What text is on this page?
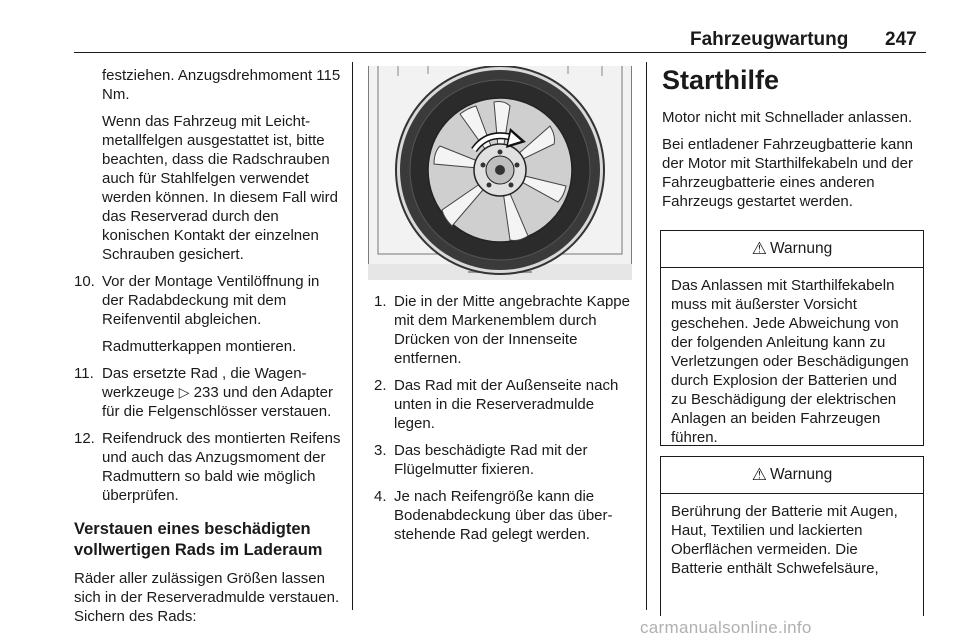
Fahrzeugwartung 247

festziehen. Anzugsdrehmoment 115 Nm.

Wenn das Fahrzeug mit Leichtmetallfelgen ausgestattet ist, bitte beachten, dass die Radschrauben auch für Stahlfelgen verwendet werden können. In diesem Fall wird das Reserverad durch den konischen Kontakt der einzelnen Schrauben gesichert.

10. Vor der Montage Ventilöffnung in der Radabdeckung mit dem Reifenventil abgleichen.
Radmutterkappen montieren.
11. Das ersetzte Rad , die Wagenwerkzeuge ▷ 233 und den Adapter für die Felgenschlösser verstauen.
12. Reifendruck des montierten Reifens und auch das Anzugsmoment der Radmuttern so bald wie möglich überprüfen.
Verstauen eines beschädigten vollwertigen Rads im Laderaum

Räder aller zulässigen Größen lassen sich in der Reserveradmulde verstauen. Sichern des Rads:

1. Die in der Mitte angebrachte Kappe mit dem Markenemblem durch Drücken von der Innenseite entfernen.
2. Das Rad mit der Außenseite nach unten in die Reserveradmulde legen.
3. Das beschädigte Rad mit der Flügelmutter fixieren.
4. Je nach Reifengröße kann die Bodenabdeckung über das überstehende Rad gelegt werden.
Starthilfe

Motor nicht mit Schnellader anlassen.

Bei entladener Fahrzeugbatterie kann der Motor mit Starthilfekabeln und der Fahrzeugbatterie eines anderen Fahrzeugs gestartet werden.

⚠ Warnung
Das Anlassen mit Starthilfekabeln muss mit äußerster Vorsicht geschehen. Jede Abweichung von der folgenden Anleitung kann zu Verletzungen oder Beschädigungen durch Explosion der Batterien und zu Beschädigung der elektrischen Anlagen an beiden Fahrzeugen führen.
⚠ Warnung
Berührung der Batterie mit Augen, Haut, Textilien und lackierten Oberflächen vermeiden. Die Batterie enthält Schwefelsäure,
carmanualsonline.info
